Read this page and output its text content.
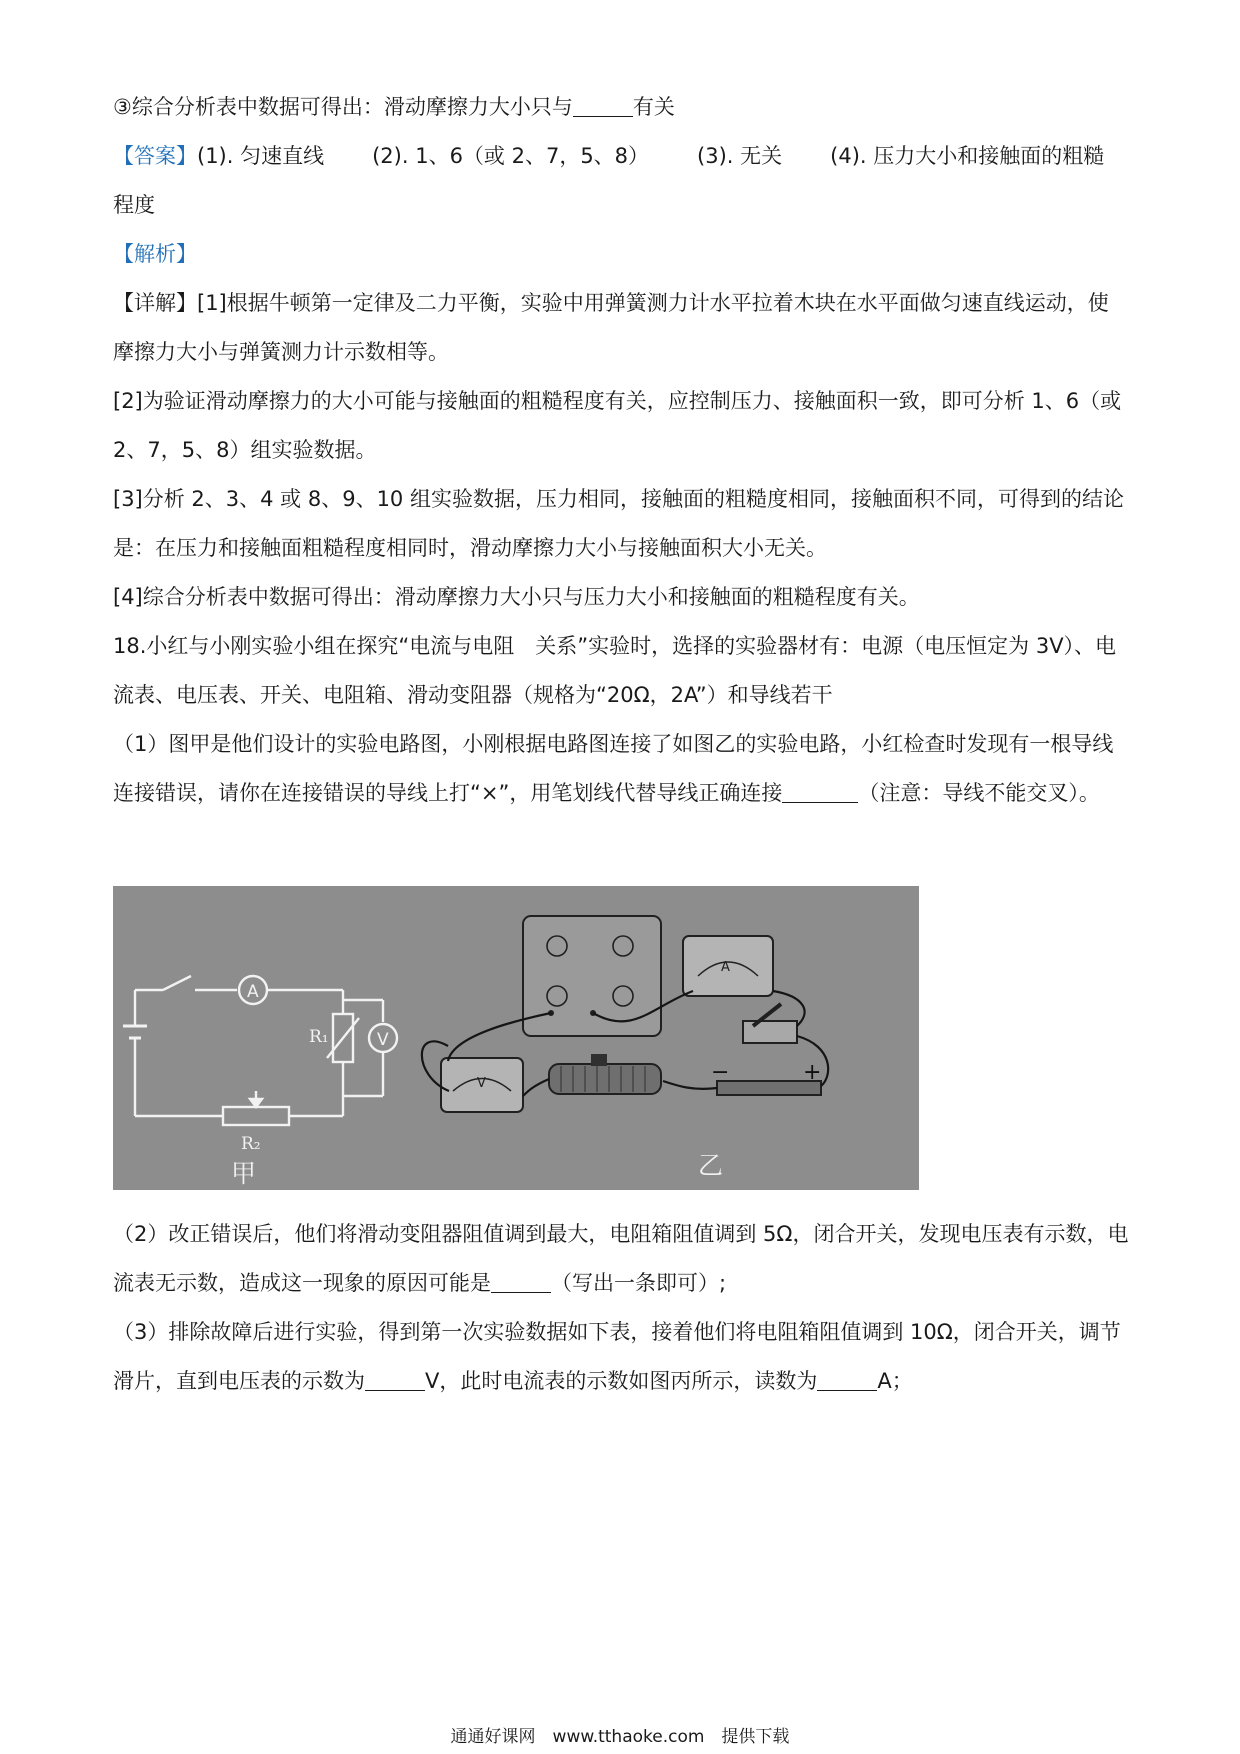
③综合分析表中数据可得出：滑动摩擦力大小只与	有关
【答案】(1). 匀速直线 (2). 1、6（或 2、7，5、8） (3). 无关 (4). 压力大小和接触面的粗糙
程度
【解析】
【详解】[1]根据牛顿第一定律及二力平衡，实验中用弹簧测力计水平拉着木块在水平面做匀速直线运动，使摩擦力大小与弹簧测力计示数相等。
[2]为验证滑动摩擦力的大小可能与接触面的粗糙程度有关，应控制压力、接触面积一致，即可分析 1、6（或 2、7，5、8）组实验数据。
[3]分析 2、3、4 或 8、9、10 组实验数据，压力相同，接触面的粗糙度相同，接触面积不同，可得到的结论是：在压力和接触面粗糙程度相同时，滑动摩擦力大小与接触面积大小无关。
[4]综合分析表中数据可得出：滑动摩擦力大小只与压力大小和接触面的粗糙程度有关。
18.小红与小刚实验小组在探究“电流与电阻　关系”实验时，选择的实验器材有：电源（电压恒定为 3V）、电流表、电压表、开关、电阻箱、滑动变阻器（规格为“20Ω，2A”）和导线若干
（1）图甲是他们设计的实验电路图，小刚根据电路图连接了如图乙的实验电路，小红检查时发现有一根导线连接错误，请你在连接错误的导线上打“×”，用笔划线代替导线正确连接	（注意：导线不能交叉）。
A
V
R₁
R₂
甲	乙
A
V	−	+
（2）改正错误后，他们将滑动变阻器阻值调到最大，电阻箱阻值调到 5Ω，闭合开关，发现电压表有示数，电流表无示数，造成这一现象的原因可能是	（写出一条即可）;
（3）排除故障后进行实验，得到第一次实验数据如下表，接着他们将电阻箱阻值调到 10Ω，闭合开关，调节滑片，直到电压表的示数为	V，此时电流表的示数如图丙所示，读数为	A；
通通好课网　www.tthaoke.com　提供下载
